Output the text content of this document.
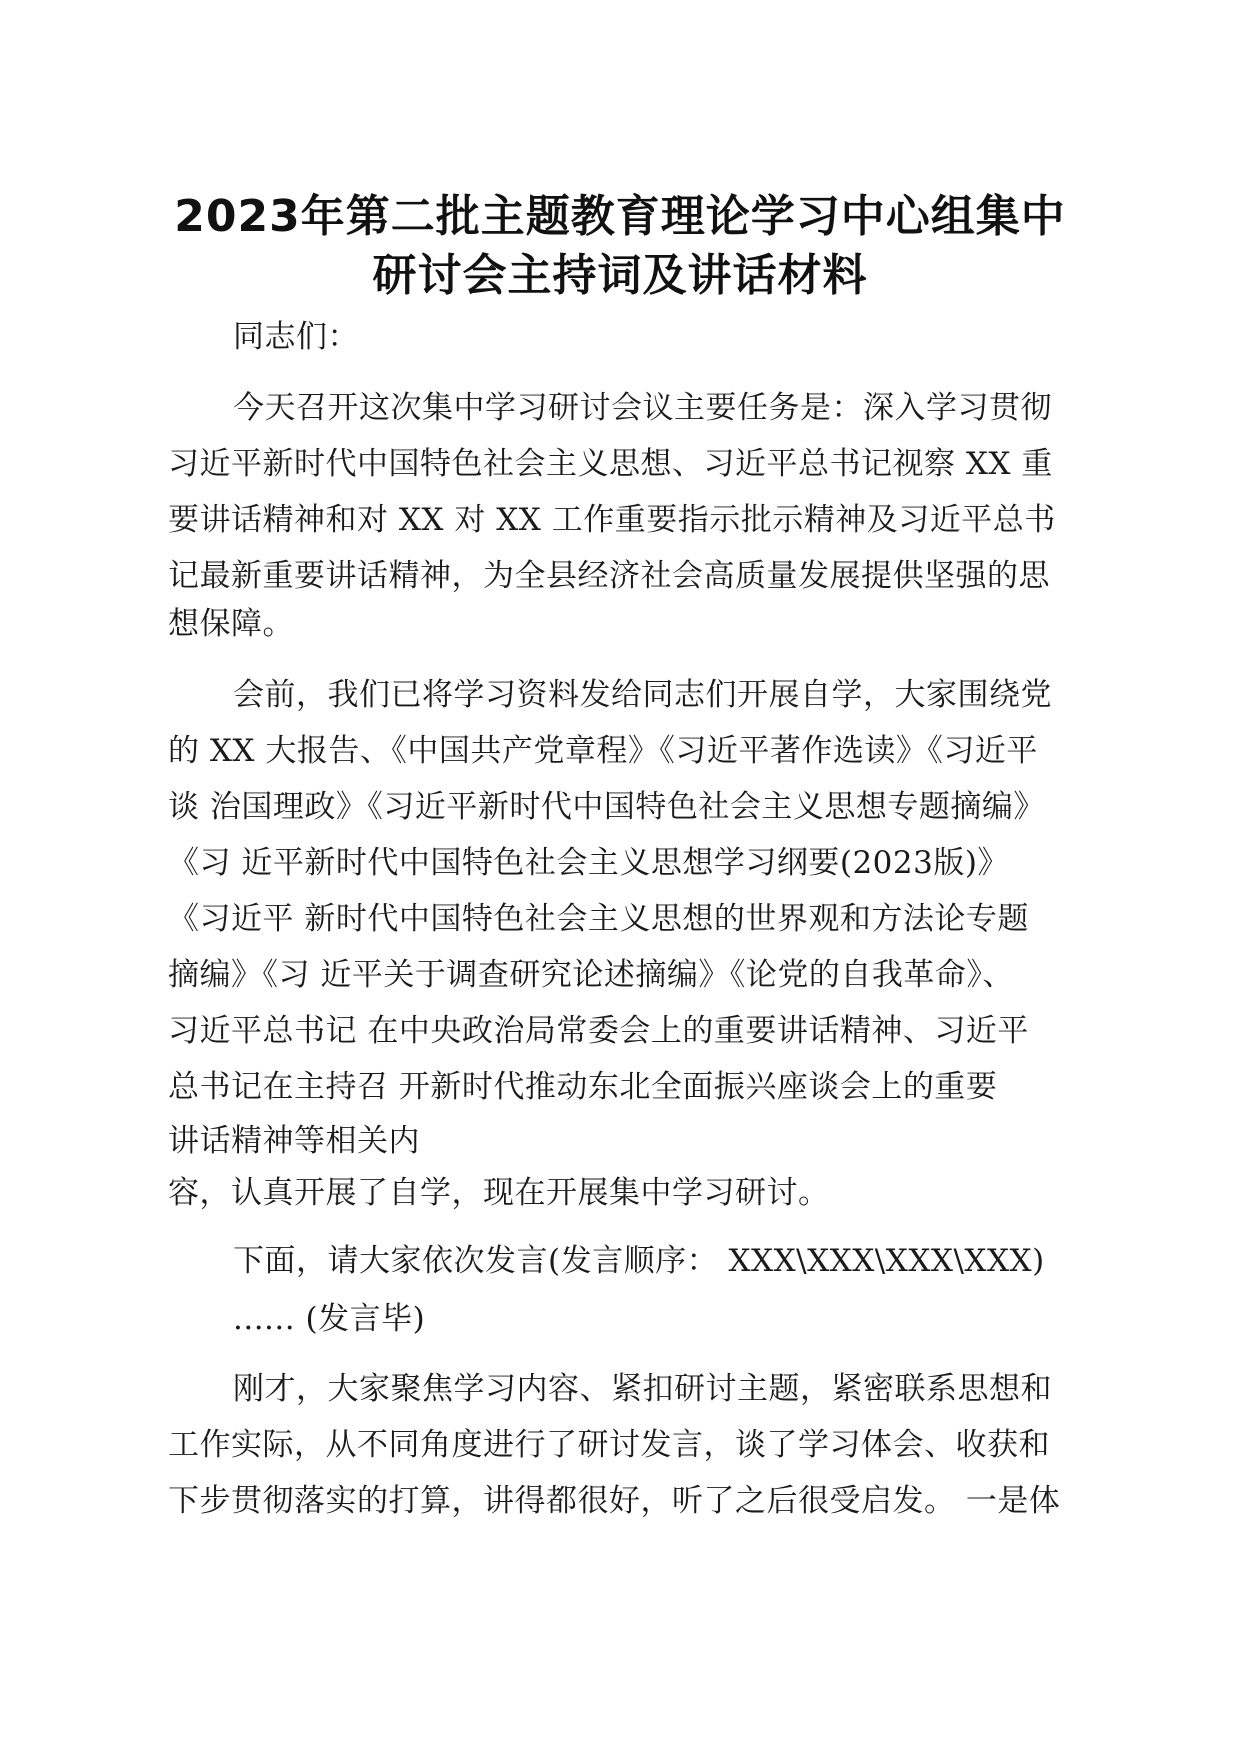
2023年第二批主题教育理论学习中心组集中
研讨会主持词及讲话材料
同志们：
今天召开这次集中学习研讨会议主要任务是：深入学习贯彻
习近平新时代中国特色社会主义思想、习近平总书记视察 XX 重
要讲话精神和对 XX 对 XX 工作重要指示批示精神及习近平总书
记最新重要讲话精神，为全县经济社会高质量发展提供坚强的思
想保障。
会前，我们已将学习资料发给同志们开展自学，大家围绕党
的 XX 大报告、《中国共产党章程》《习近平著作选读》《习近平
谈 治国理政》《习近平新时代中国特色社会主义思想专题摘编》
《习 近平新时代中国特色社会主义思想学习纲要(2023版)》
《习近平 新时代中国特色社会主义思想的世界观和方法论专题
摘编》《习 近平关于调查研究论述摘编》《论党的自我革命》、
习近平总书记 在中央政治局常委会上的重要讲话精神、习近平
总书记在主持召 开新时代推动东北全面振兴座谈会上的重要
讲话精神等相关内
容，认真开展了自学，现在开展集中学习研讨。
下面，请大家依次发言(发言顺序： XXX\XXX\XXX\XXX)
...... (发言毕)
刚才，大家聚焦学习内容、紧扣研讨主题，紧密联系思想和
工作实际，从不同角度进行了研讨发言，谈了学习体会、收获和
下步贯彻落实的打算，讲得都很好，听了之后很受启发。 一是体
